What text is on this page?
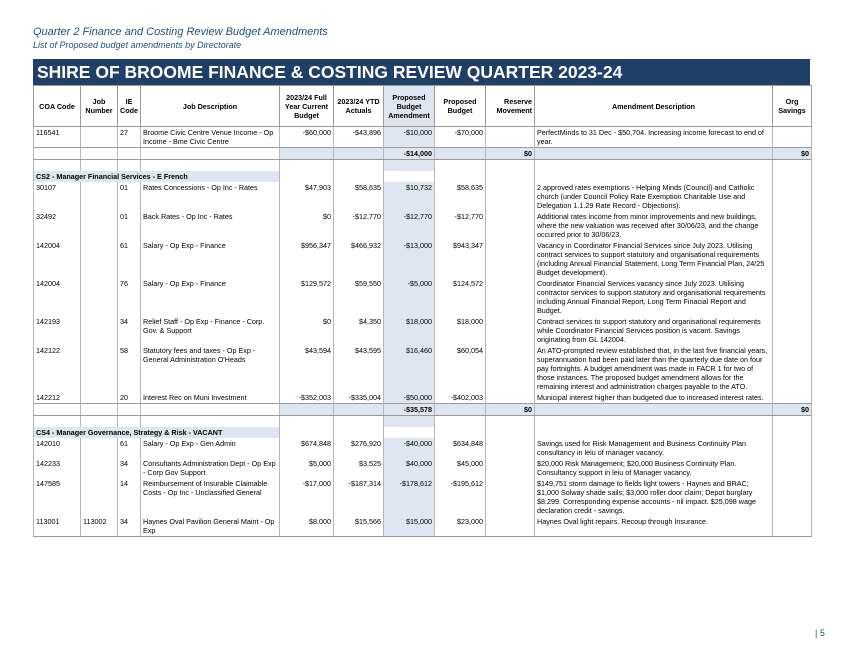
Quarter 2 Finance and Costing Review Budget Amendments
List of Proposed budget amendments by Directorate
SHIRE OF BROOME FINANCE & COSTING REVIEW QUARTER 2023-24
COA Code	Job Number	IE Code	Job Description	2023/24 Full Year Current Budget	2023/24 YTD Actuals	Proposed Budget Amendment	Proposed Budget	Reserve Movement	Amendment Description	Org Savings
116541		27	Broome Civic Centre Venue Income - Op Income - Bme Civic Centre	-$60,000	-$43,896	-$10,000	-$70,000		PerfectMinds to 31 Dec - $50,704. Increasing income forecast to end of year.	
						-$14,000		$0		$0

CS2 - Manager Financial Services - E French										
30107		01	Rates Concessions - Op Inc - Rates	$47,903	$58,635	$10,732	$58,635		2 approved rates exemptions - Helping Minds (Council) and Catholic church (under Council Policy Rate Exemption Charitable Use and Delegation 1.1.29 Rate Record - Objections).	
32492		01	Back Rates - Op Inc - Rates	$0	-$12,770	-$12,770	-$12,770		Additional rates income from minor improvements and new buildings, where the new valuation was received after 30/06/23, and the change occurred prior to 30/06/23.	
142004		61	Salary - Op Exp - Finance	$956,347	$466,932	-$13,000	$943,347		Vacancy in Coordinator Financial Services since July 2023. Utilising contract services to support statutory and organisational requirements (including Annual Financial Statement, Long Term Financial Plan, 24/25 Budget development).	
142004		76	Salary - Op Exp - Finance	$129,572	$59,550	-$5,000	$124,572		Coordinator Financial Services vacancy since July 2023. Utilising contractor services to support statutory and organisational requirements including Annual Financial Report, Long Term Finacial Report and Budget.	
142193		34	Relief Staff - Op Exp - Finance - Corp. Gov. & Support	$0	$4,350	$18,000	$18,000		Contract services to support statutory and organisational requirements while Coordinator Financial Services position is vacant. Savings originating from GL 142004.	
142122		58	Statutory fees and taxes - Op Exp - General Administration O'Heads	$43,594	$43,595	$16,460	$60,054		An ATO-prompted review established that, in the last five financial years, superannuation had been paid later than the quarterly due date on four pay fortnights. A budget amendment was made in FACR 1 for two of those instances. The proposed budget amendment allows for the remaining interest and administration charges payable to the ATO.	
142212		20	Interest Rec on Muni Investment	-$352,003	-$335,004	-$50,000	-$402,003		Municipal interest higher than budgeted due to increased interest rates.	
						-$35,578		$0		$0

CS4 - Manager Governance, Strategy & Risk - VACANT										
142010		61	Salary - Op Exp - Gen Admin	$674,848	$276,920	-$40,000	$634,848		Savings used for Risk Management and Business Continuity Plan consultancy in leiu of manager vacancy.	
142233		34	Consultants Administration Dept - Op Exp - Corp Gov Support	$5,000	$3,525	$40,000	$45,000		$20,000 Risk Management; $20,000 Business Continuity Plan. Consultancy support in leiu of Manager vacancy.	
147585		14	Reimbursement of Insurable Claimable Costs - Op Inc - Unclassified General	-$17,000	-$187,314	-$178,612	-$195,612		$149,751 storm damage to fields light towers - Haynes and BRAC; $1,000 Solway shade sails; $3,000 roller door claim; Depot burglary $8.299. Corresponding expense accounts - nil impact. $25,098 wage declaration credit - savings.	
113001	113002	34	Haynes Oval Pavilion General Maint - Op Exp	$8,000	$15,566	$15,000	$23,000		Haynes Oval light repairs. Recoup through Insurance.	
| 5
